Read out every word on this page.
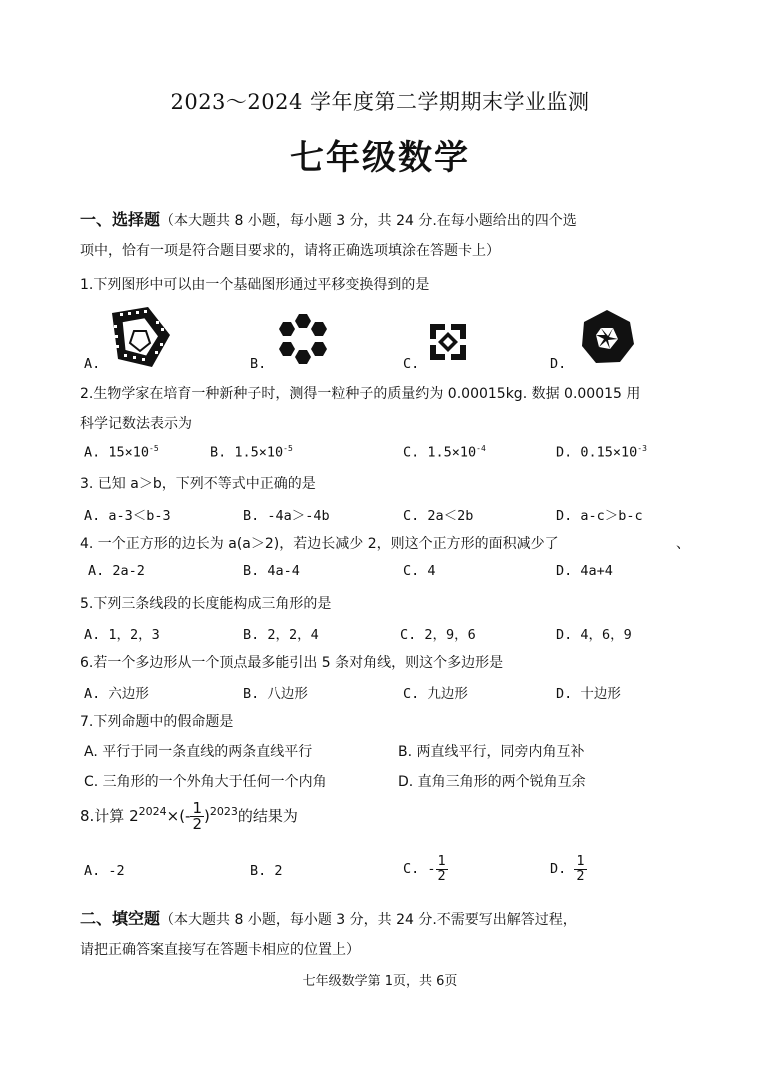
2023～2024 学年度第二学期期末学业监测
七年级数学
一、选择题（本大题共 8 小题，每小题 3 分，共 24 分.在每小题给出的四个选
项中，恰有一项是符合题目要求的，请将正确选项填涂在答题卡上）
1.下列图形中可以由一个基础图形通过平移变换得到的是
A.	B.	C.	D.
2.生物学家在培育一种新种子时，测得一粒种子的质量约为 0.00015kg. 数据 0.00015 用
科学记数法表示为
A. $15\times 10^{-5}$	B. $1.5\times 10^{-5}$	C. $1.5\times 10^{-4}$	D. $0.15\times 10^{-3}$
3. 已知 a＞b，下列不等式中正确的是
A. a-3＜b-3	B. -4a＞-4b	C. 2a＜2b	D. a-c＞b-c
4. 一个正方形的边长为 a(a＞2)，若边长减少 2，则这个正方形的面积减少了	、
A. 2a-2	B. 4a-4	C. 4	D. 4a+4
5.下列三条线段的长度能构成三角形的是
A. 1，2，3	B. 2，2，4	C. 2，9，6	D. 4，6，9
6.若一个多边形从一个顶点最多能引出 5 条对角线，则这个多边形是
A. 六边形	B. 八边形	C. 九边形	D. 十边形
7.下列命题中的假命题是
A. 平行于同一条直线的两条直线平行	B. 两直线平行，同旁内角互补
C. 三角形的一个外角大于任何一个内角	D. 直角三角形的两个锐角互余
8.计算 $2^{2024}\times(- \frac{1}{2} )^{2023}$的结果为
A. -2	B. 2	C. - $\frac{1}{2}$	D. $\frac{1}{2}$
二、填空题（本大题共 8 小题，每小题 3 分，共 24 分.不需要写出解答过程，
请把正确答案直接写在答题卡相应的位置上）
七年级数学第 1页，共 6页
